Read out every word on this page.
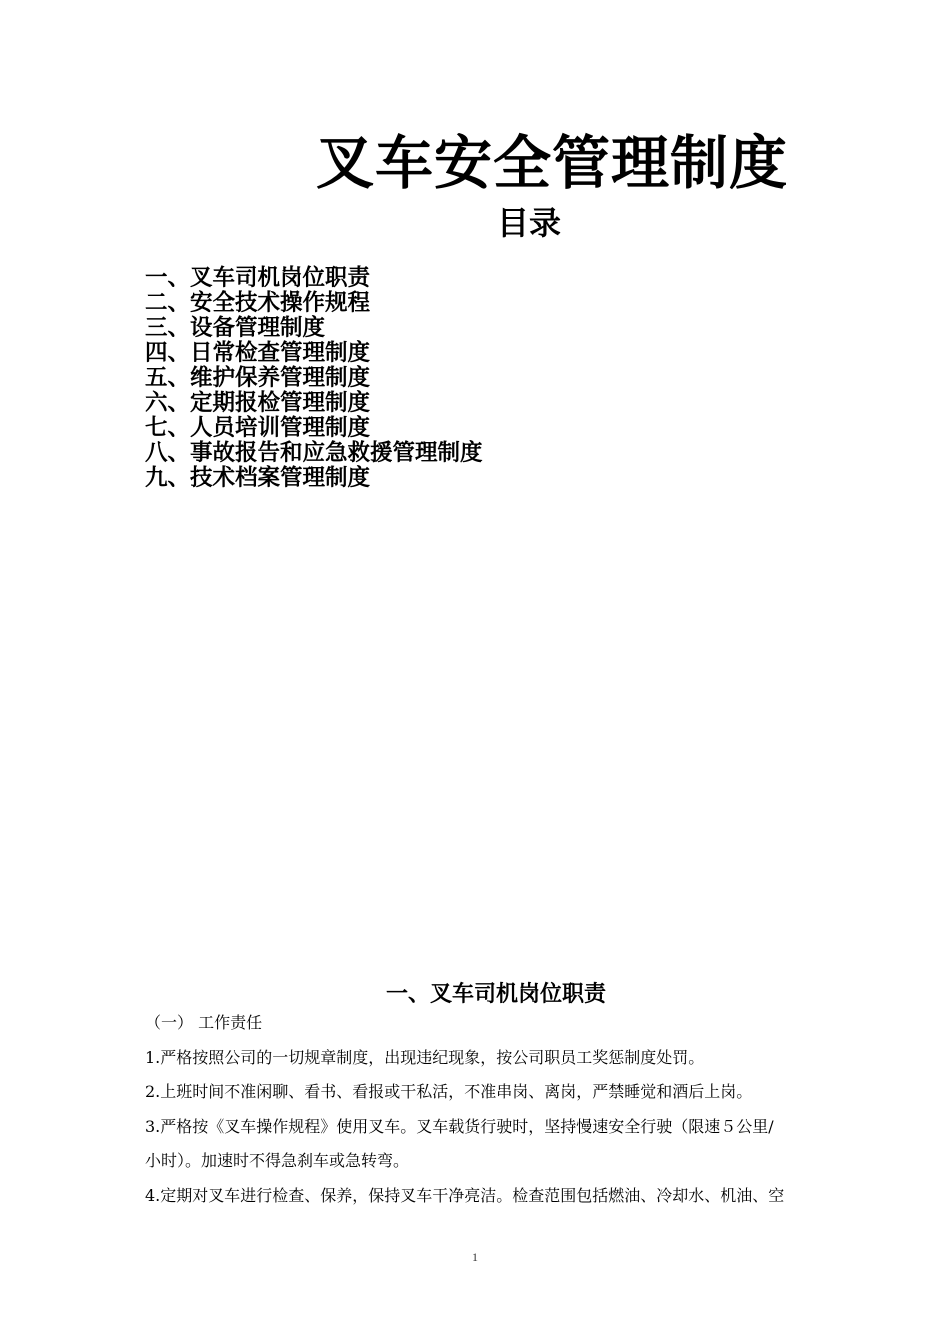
叉车安全管理制度
目录
一、叉车司机岗位职责
二、安全技术操作规程
三、设备管理制度
四、日常检查管理制度
五、维护保养管理制度
六、定期报检管理制度
七、人员培训管理制度
八、事故报告和应急救援管理制度
九、技术档案管理制度
一、叉车司机岗位职责

（一） 工作责任

1.严格按照公司的一切规章制度，出现违纪现象，按公司职员工奖惩制度处罚。

2.上班时间不准闲聊、看书、看报或干私活，不准串岗、离岗，严禁睡觉和酒后上岗。

3.严格按《叉车操作规程》使用叉车。叉车载货行驶时，坚持慢速安全行驶（限速５公里/

小时）。加速时不得急刹车或急转弯。

4.定期对叉车进行检查、保养，保持叉车干净亮洁。检查范围包括燃油、冷却水、机油、空

1
